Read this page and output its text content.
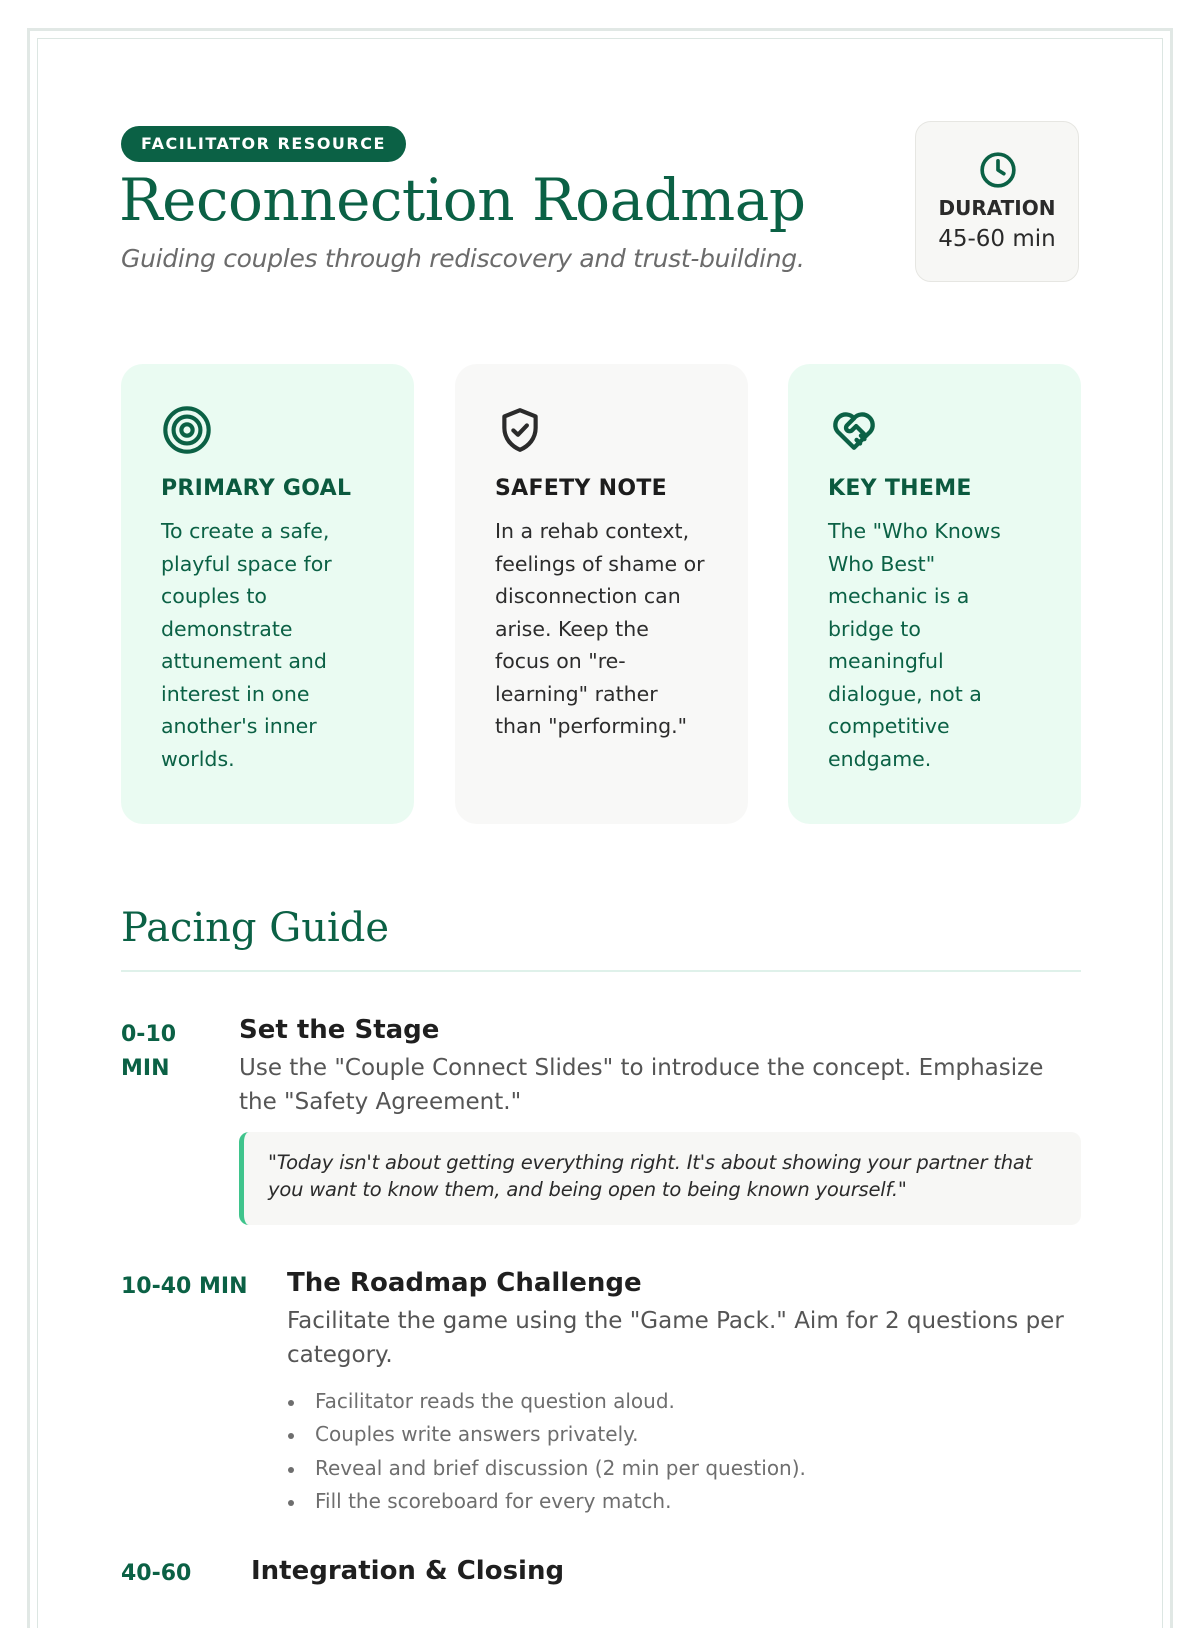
FACILITATOR RESOURCE
Reconnection Roadmap

Guiding couples through rediscovery and trust-building.

DURATION
45-60 min
PRIMARY GOAL

To create a safe, playful space for couples to demonstrate attunement and interest in one another's inner worlds.

SAFETY NOTE

In a rehab context, feelings of shame or disconnection can arise. Keep the focus on "re-learning" rather than "performing."

KEY THEME

The "Who Knows Who Best" mechanic is a bridge to meaningful dialogue, not a competitive endgame.

Pacing Guide
0-10 MIN
Set the Stage

Use the "Couple Connect Slides" to introduce the concept. Emphasize the "Safety Agreement."

"Today isn't about getting everything right. It's about showing your partner that you want to know them, and being open to being known yourself."
10-40 MIN The Roadmap Challenge

Facilitate the game using the "Game Pack." Aim for 2 questions per category.

Facilitator reads the question aloud.
Couples write answers privately.
Reveal and brief discussion (2 min per question).
Fill the scoreboard for every match.
40-60 Integration & Closing
